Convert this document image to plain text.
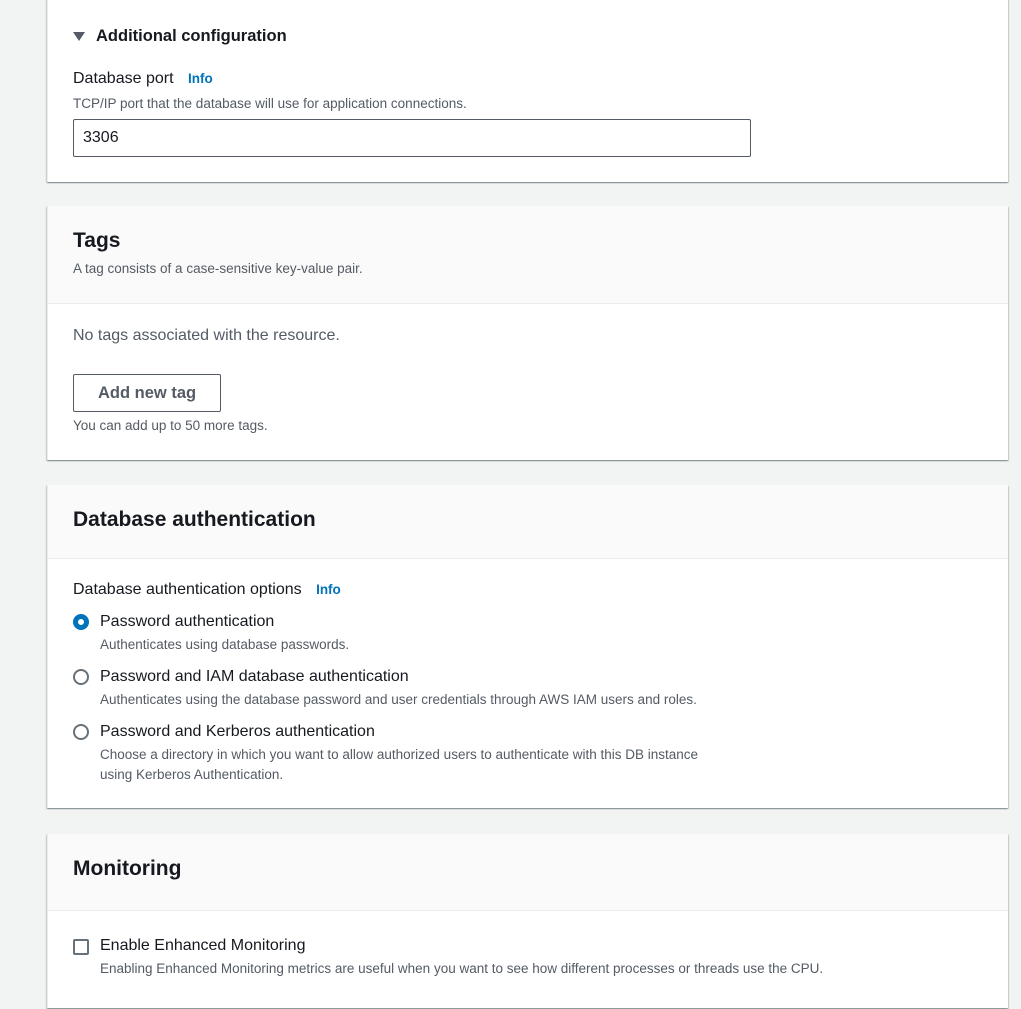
Additional configuration
Database port Info
TCP/IP port that the database will use for application connections.
3306
Tags
A tag consists of a case-sensitive key-value pair.
No tags associated with the resource.
Add new tag
You can add up to 50 more tags.
Database authentication
Database authentication options Info
Password authentication
Authenticates using database passwords.
Password and IAM database authentication
Authenticates using the database password and user credentials through AWS IAM users and roles.
Password and Kerberos authentication
Choose a directory in which you want to allow authorized users to authenticate with this DB instance using Kerberos Authentication.
Monitoring
Enable Enhanced Monitoring
Enabling Enhanced Monitoring metrics are useful when you want to see how different processes or threads use the CPU.
